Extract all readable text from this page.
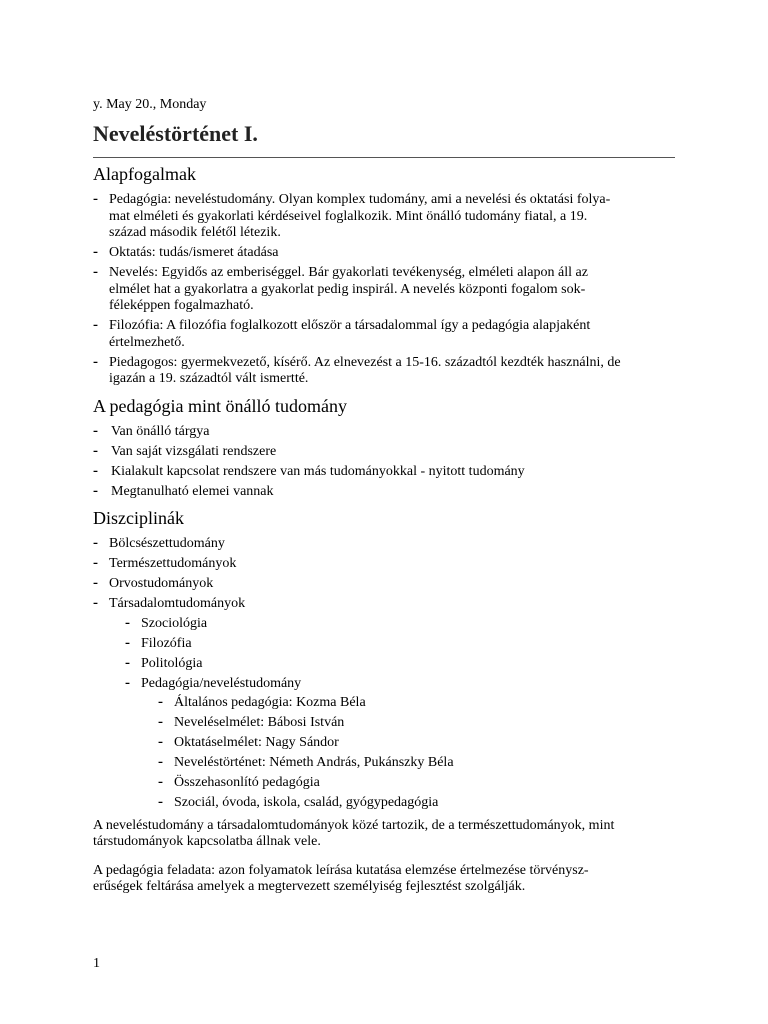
y. May 20., Monday
Neveléstörténet I.
Alapfogalmak
- Pedagógia: neveléstudomány. Olyan komplex tudomány, ami a nevelési és oktatási folya-
mat elméleti és gyakorlati kérdéseivel foglalkozik. Mint önálló tudomány fiatal, a 19.
század második felétől létezik.
- Oktatás: tudás/ismeret átadása
- Nevelés: Egyidős az emberiséggel. Bár gyakorlati tevékenység, elméleti alapon áll az
elmélet hat a gyakorlatra a gyakorlat pedig inspirál. A nevelés központi fogalom sok-
féleképpen fogalmazható.
- Filozófia: A filozófia foglalkozott először a társadalommal így a pedagógia alapjaként
értelmezhető.
- Piedagogos: gyermekvezető, kísérő. Az elnevezést a 15-16. századtól kezdték használni, de
igazán a 19. századtól vált ismertté.
A pedagógia mint önálló tudomány
- Van önálló tárgya
- Van saját vizsgálati rendszere
- Kialakult kapcsolat rendszere van más tudományokkal - nyitott tudomány
- Megtanulható elemei vannak
Diszciplinák
- Bölcsészettudomány
- Természettudományok
- Orvostudományok
- Társadalomtudományok
- Szociológia
- Filozófia
- Politológia
- Pedagógia/neveléstudomány
- Általános pedagógia: Kozma Béla
- Neveléselmélet: Bábosi István
- Oktatáselmélet: Nagy Sándor
- Neveléstörténet: Németh András, Pukánszky Béla
- Összehasonlító pedagógia
- Szociál, óvoda, iskola, család, gyógypedagógia

A neveléstudomány a társadalomtudományok közé tartozik, de a természettudományok, mint
társtudományok kapcsolatba állnak vele.

A pedagógia feladata: azon folyamatok leírása kutatása elemzése értelmezése törvénysz-
erűségek feltárása amelyek a megtervezett személyiség fejlesztést szolgálják.

1
